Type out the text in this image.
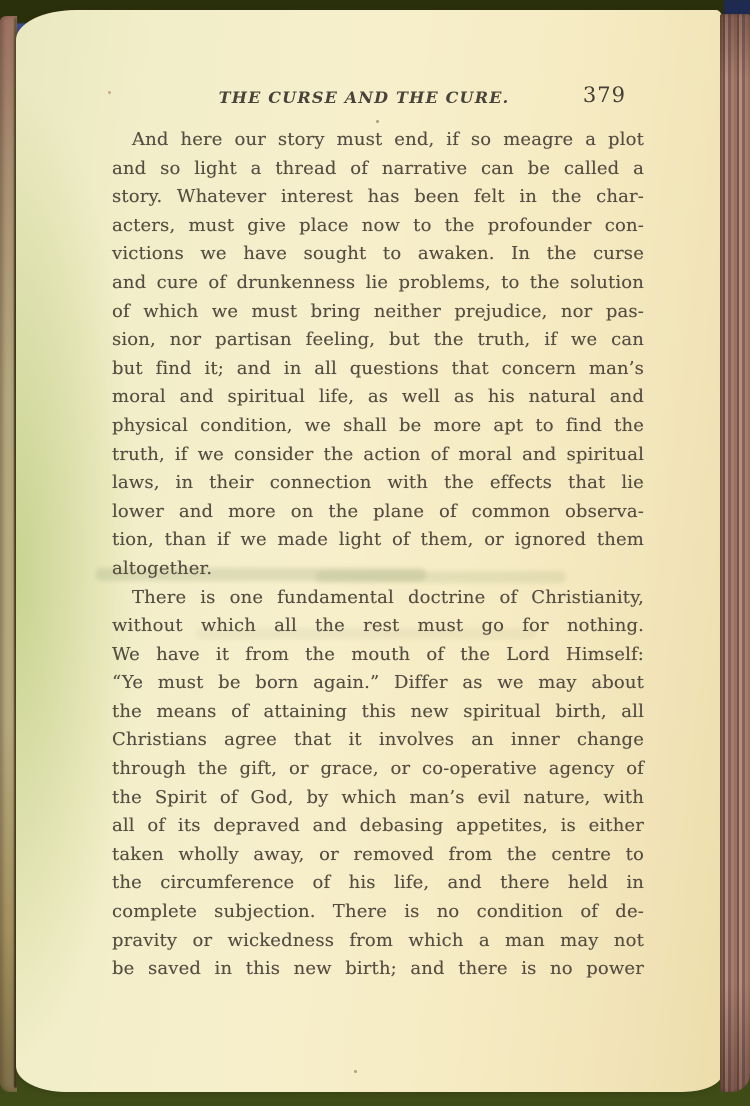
THE CURSE AND THE CURE.	379
And here our story must end, if so meagre a plot
and so light a thread of narrative can be called a
story. Whatever interest has been felt in the char-
acters, must give place now to the profounder con-
victions we have sought to awaken. In the curse
and cure of drunkenness lie problems, to the solution
of which we must bring neither prejudice, nor pas-
sion, nor partisan feeling, but the truth, if we can
but find it; and in all questions that concern man’s
moral and spiritual life, as well as his natural and
physical condition, we shall be more apt to find the
truth, if we consider the action of moral and spiritual
laws, in their connection with the effects that lie
lower and more on the plane of common observa-
tion, than if we made light of them, or ignored them
altogether.
There is one fundamental doctrine of Christianity,
without which all the rest must go for nothing.
We have it from the mouth of the Lord Himself:
“Ye must be born again.” Differ as we may about
the means of attaining this new spiritual birth, all
Christians agree that it involves an inner change
through the gift, or grace, or co-operative agency of
the Spirit of God, by which man’s evil nature, with
all of its depraved and debasing appetites, is either
taken wholly away, or removed from the centre to
the circumference of his life, and there held in
complete subjection. There is no condition of de-
pravity or wickedness from which a man may not
be saved in this new birth; and there is no power
